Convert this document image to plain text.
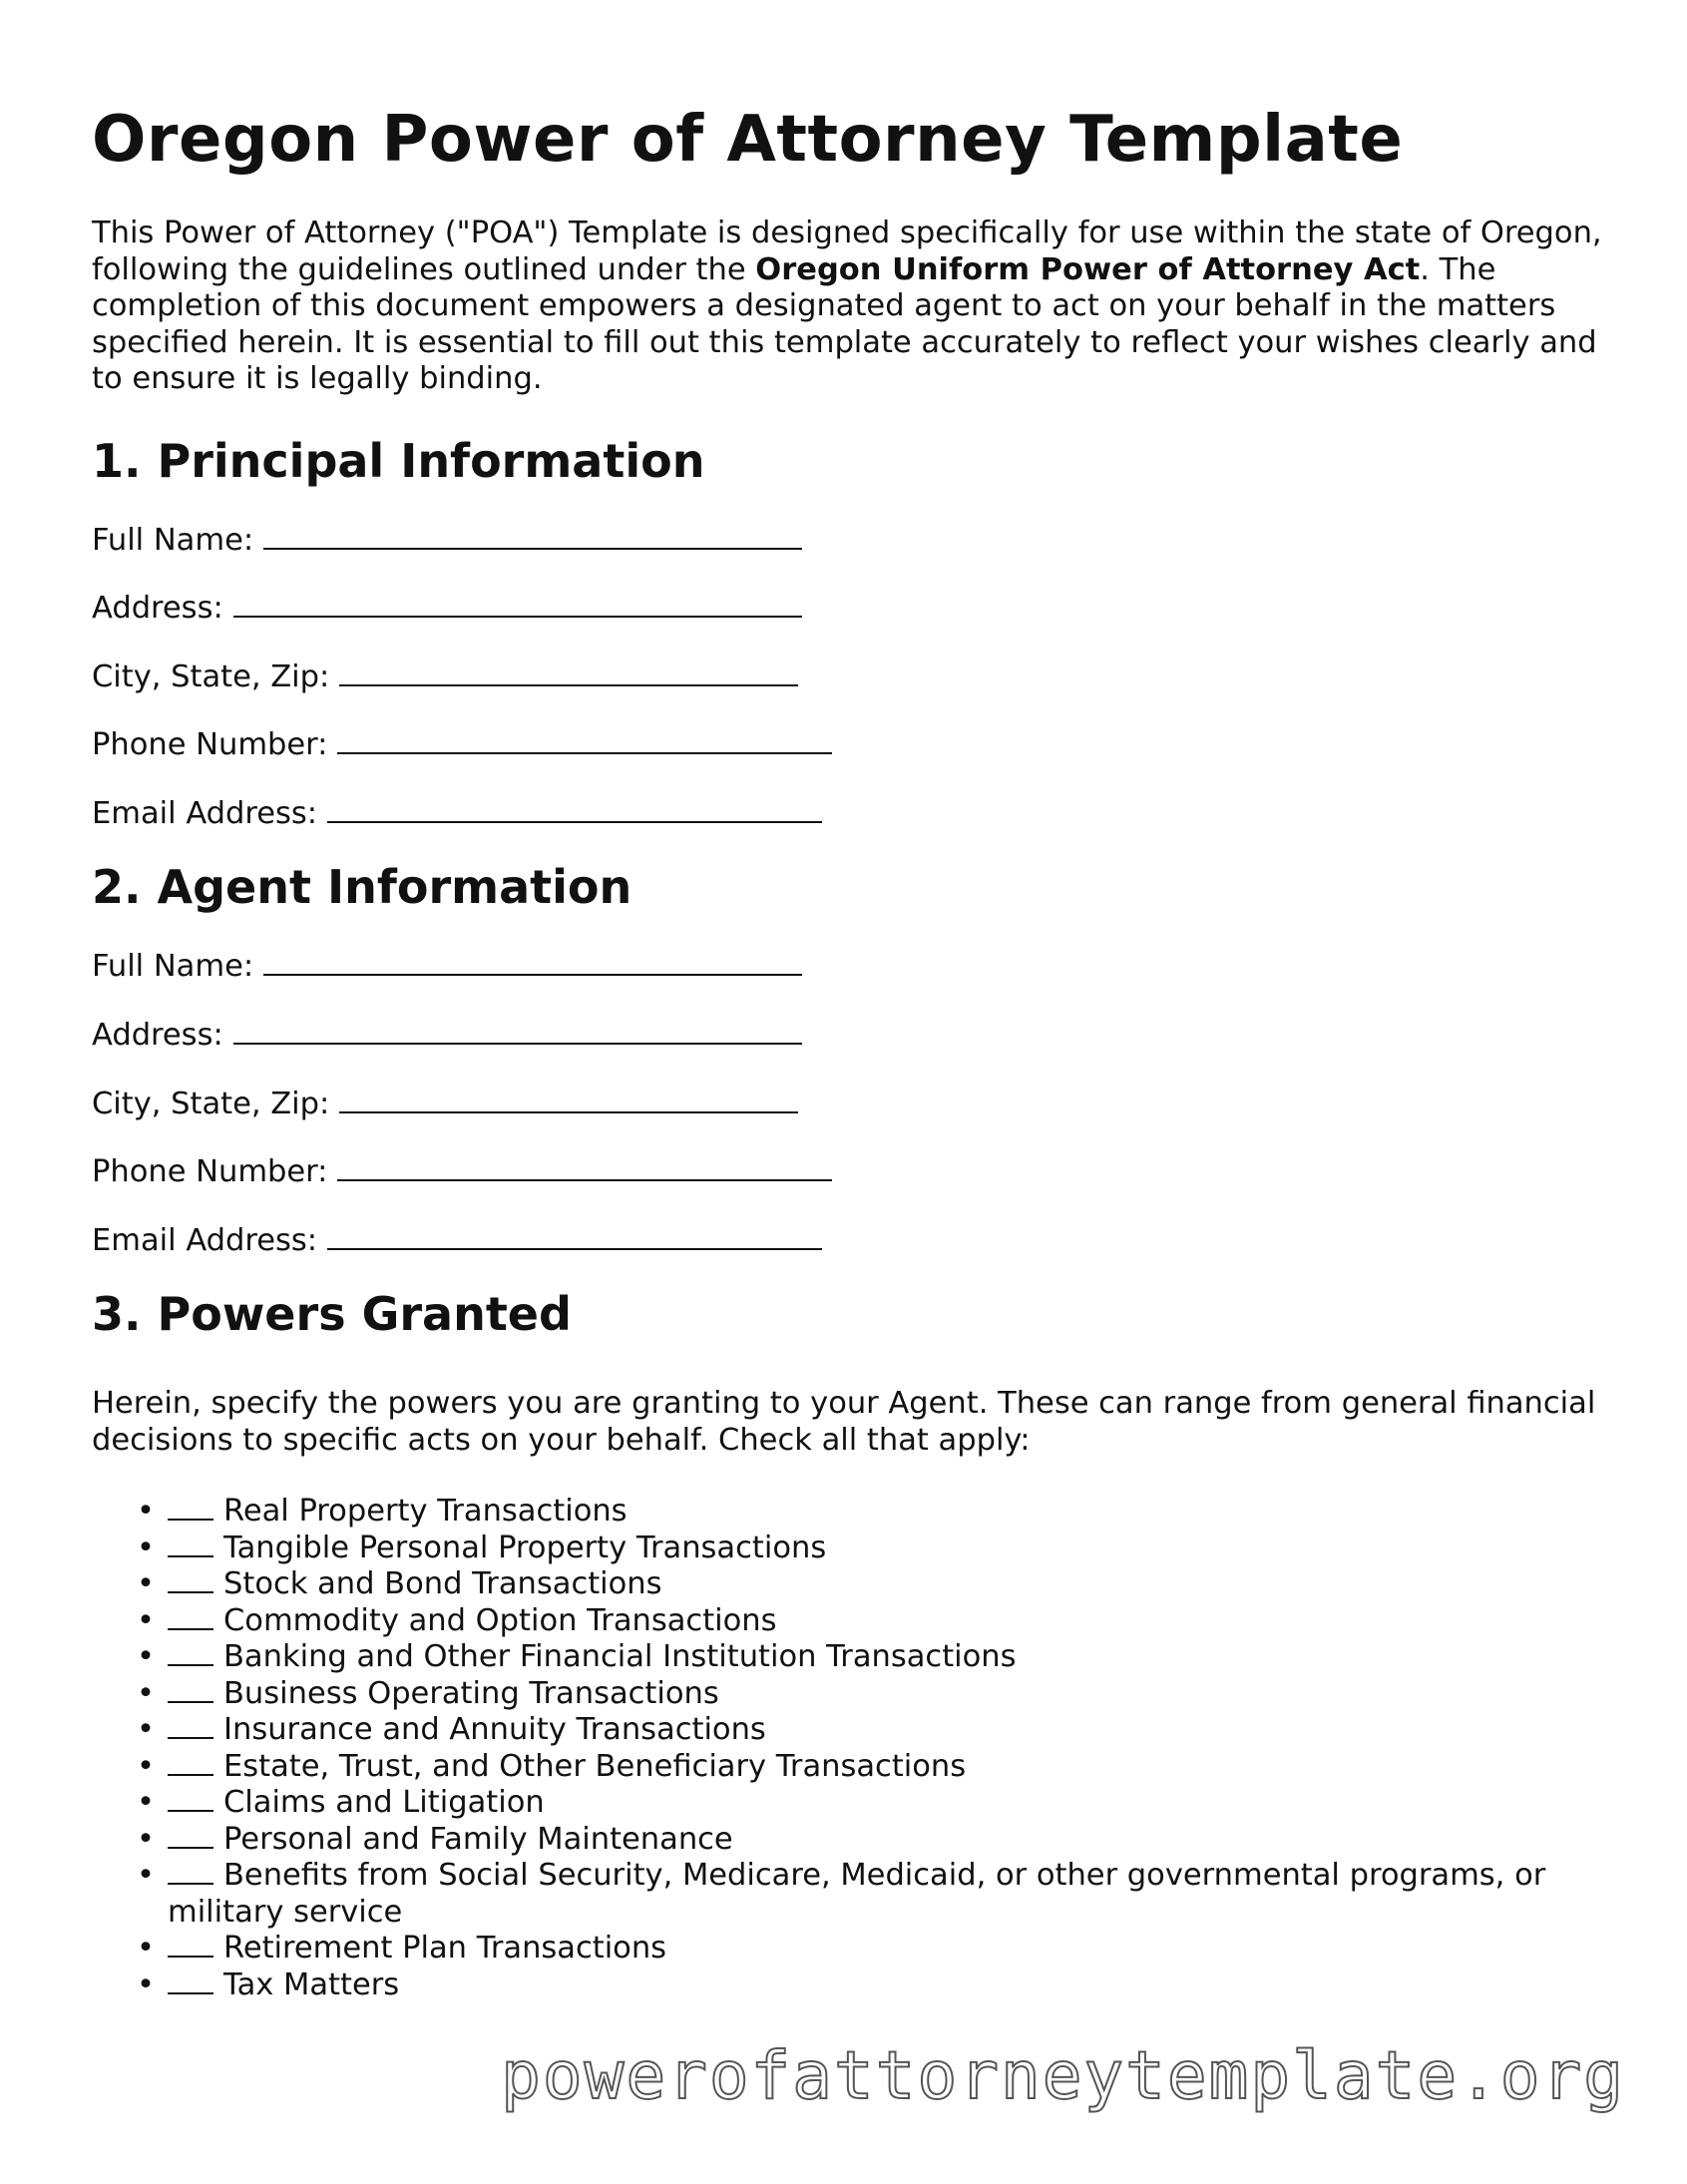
Oregon Power of Attorney Template

This Power of Attorney ("POA") Template is designed specifically for use within the state of Oregon, following the guidelines outlined under the Oregon Uniform Power of Attorney Act. The completion of this document empowers a designated agent to act on your behalf in the matters specified herein. It is essential to fill out this template accurately to reflect your wishes clearly and to ensure it is legally binding.

1. Principal Information
Full Name:
Address:
City, State, Zip:
Phone Number:
Email Address:
2. Agent Information
Full Name:
Address:
City, State, Zip:
Phone Number:
Email Address:
3. Powers Granted

Herein, specify the powers you are granting to your Agent. These can range from general financial decisions to specific acts on your behalf. Check all that apply:

• Real Property Transactions
• Tangible Personal Property Transactions
• Stock and Bond Transactions
• Commodity and Option Transactions
• Banking and Other Financial Institution Transactions
• Business Operating Transactions
• Insurance and Annuity Transactions
• Estate, Trust, and Other Beneficiary Transactions
• Claims and Litigation
• Personal and Family Maintenance
• Benefits from Social Security, Medicare, Medicaid, or other governmental programs, or military service
• Retirement Plan Transactions
• Tax Matters
powerofattorneytemplate.org
